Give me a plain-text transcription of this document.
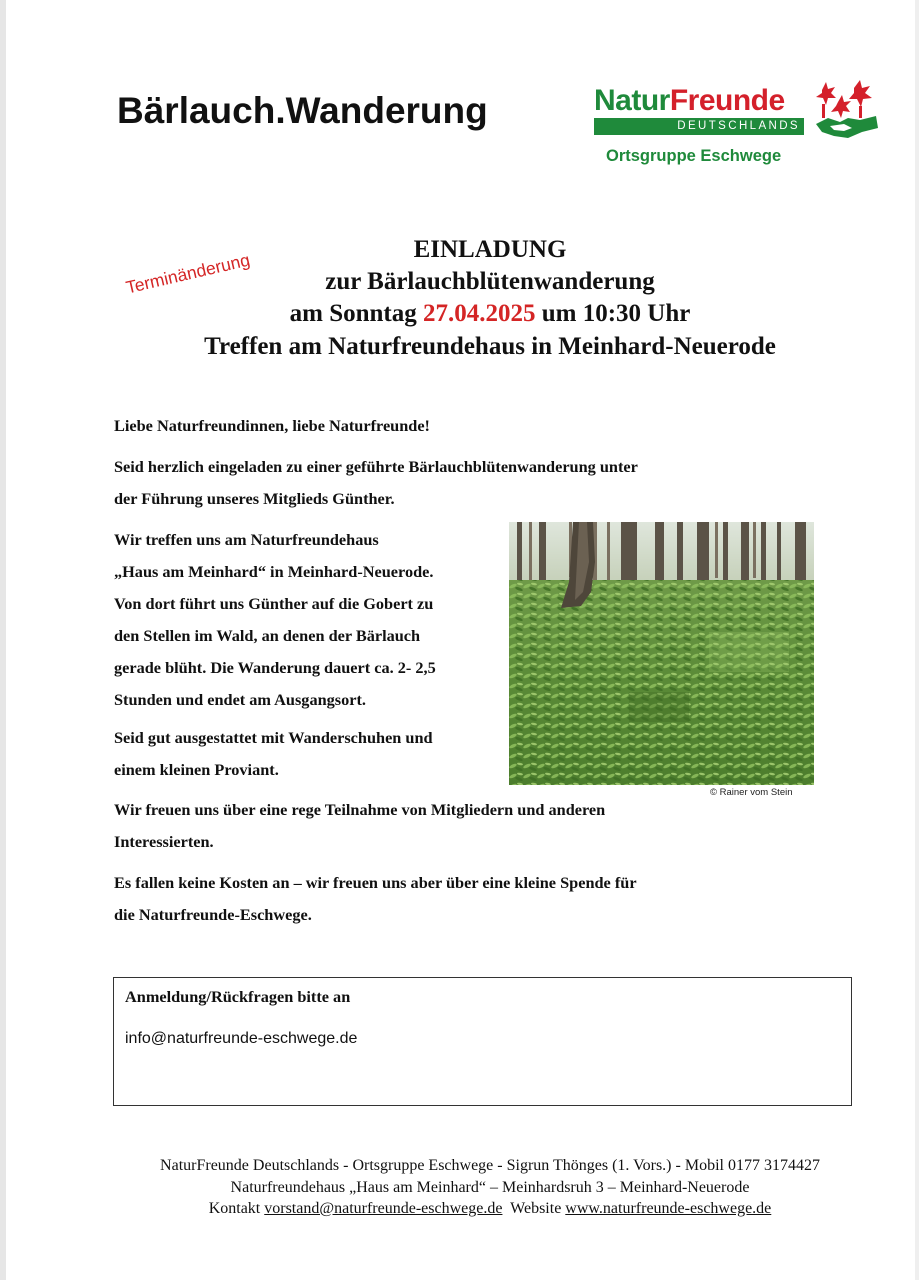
Bärlauch.Wanderung	NaturFreunde
DEUTSCHLANDS
Ortsgruppe Eschwege
Terminänderung
EINLADUNG
zur Bärlauchblütenwanderung
am Sonntag 27.04.2025 um 10:30 Uhr
Treffen am Naturfreundehaus in Meinhard-Neuerode
Liebe Naturfreundinnen, liebe Naturfreunde!
Seid herzlich eingeladen zu einer geführte Bärlauchblütenwanderung unter
der Führung unseres Mitglieds Günther.
Wir treffen uns am Naturfreundehaus
„Haus am Meinhard“ in Meinhard-Neuerode.
Von dort führt uns Günther auf die Gobert zu
den Stellen im Wald, an denen der Bärlauch
gerade blüht. Die Wanderung dauert ca. 2- 2,5
Stunden und endet am Ausgangsort.
Seid gut ausgestattet mit Wanderschuhen und
einem kleinen Proviant.
Wir freuen uns über eine rege Teilnahme von Mitgliedern und anderen
Interessierten.
Es fallen keine Kosten an – wir freuen uns aber über eine kleine Spende für
die Naturfreunde-Eschwege.
© Rainer vom Stein
Anmeldung/Rückfragen bitte an
info@naturfreunde-eschwege.de
NaturFreunde Deutschlands - Ortsgruppe Eschwege - Sigrun Thönges (1. Vors.) - Mobil 0177 3174427
Naturfreundehaus „Haus am Meinhard“ – Meinhardsruh 3 – Meinhard-Neuerode
Kontakt vorstand@naturfreunde-eschwege.de  Website www.naturfreunde-eschwege.de
